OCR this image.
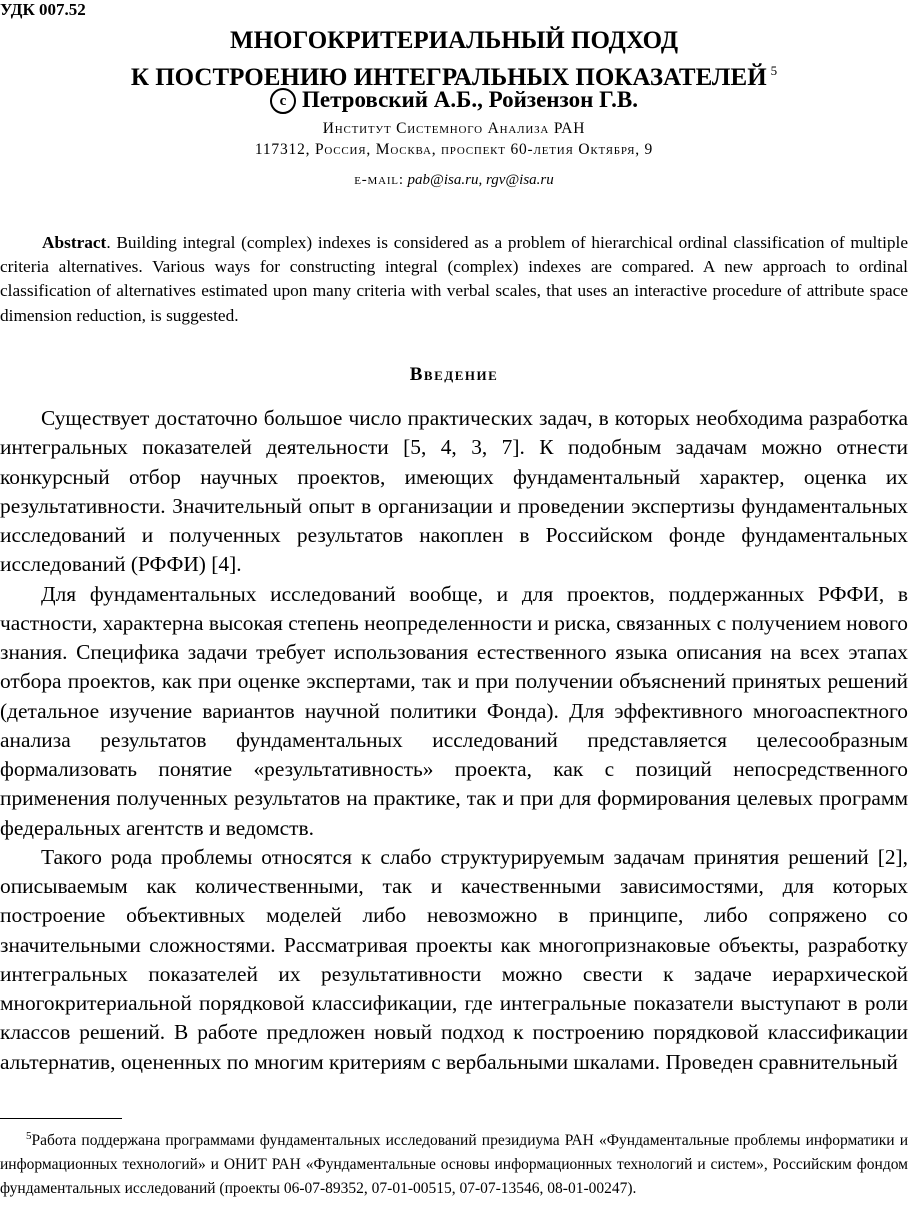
УДК 007.52
МНОГОКРИТЕРИАЛЬНЫЙ ПОДХОД
К ПОСТРОЕНИЮ ИНТЕГРАЛЬНЫХ ПОКАЗАТЕЛЕЙ $^5$
c Петровский А.Б., Ройзензон Г.В.
Институт Системного Анализа РАН
117312, Россия, Москва, проспект 60-летия Октября, 9
e-mail: pab@isa.ru, rgv@isa.ru

Abstract. Building integral (complex) indexes is considered as a problem of hierarchical ordinal classification of multiple criteria alternatives. Various ways for constructing integral (complex) indexes are compared. A new approach to ordinal classification of alternatives estimated upon many criteria with verbal scales, that uses an interactive procedure of attribute space dimension reduction, is suggested.

Введение

Существует достаточно большое число практических задач, в которых необходима разработка интегральных показателей деятельности [5, 4, 3, 7]. К подобным задачам можно отнести конкурсный отбор научных проектов, имеющих фундаментальный характер, оценка их результативности. Значительный опыт в организации и проведении экспертизы фундаментальных исследований и полученных результатов накоплен в Российском фонде фундаментальных исследований (РФФИ) [4].

Для фундаментальных исследований вообще, и для проектов, поддержанных РФФИ, в частности, характерна высокая степень неопределенности и риска, связанных с получением нового знания. Специфика задачи требует использования естественного языка описания на всех этапах отбора проектов, как при оценке экспертами, так и при получении объяснений принятых решений (детальное изучение вариантов научной политики Фонда). Для эффективного многоаспектного анализа результатов фундаментальных исследований представляется целесообразным формализовать понятие «результативность» проекта, как с позиций непосредственного применения полученных результатов на практике, так и при для формирования целевых программ федеральных агентств и ведомств.

Такого рода проблемы относятся к слабо структурируемым задачам принятия решений [2], описываемым как количественными, так и качественными зависимостями, для которых построение объективных моделей либо невозможно в принципе, либо сопряжено со значительными сложностями. Рассматривая проекты как многопризнаковые объекты, разработку интегральных показателей их результативности можно свести к задаче иерархической многокритериальной порядковой классификации, где интегральные показатели выступают в роли классов решений. В работе предложен новый подход к построению порядковой классификации альтернатив, оцененных по многим критериям с вербальными шкалами. Проведен сравнительный

$^5$Работа поддержана программами фундаментальных исследований президиума РАН «Фундаментальные проблемы информатики и информационных технологий» и ОНИТ РАН «Фундаментальные основы информационных технологий и систем», Российским фондом фундаментальных исследований (проекты 06-07-89352, 07-01-00515, 07-07-13546, 08-01-00247).
